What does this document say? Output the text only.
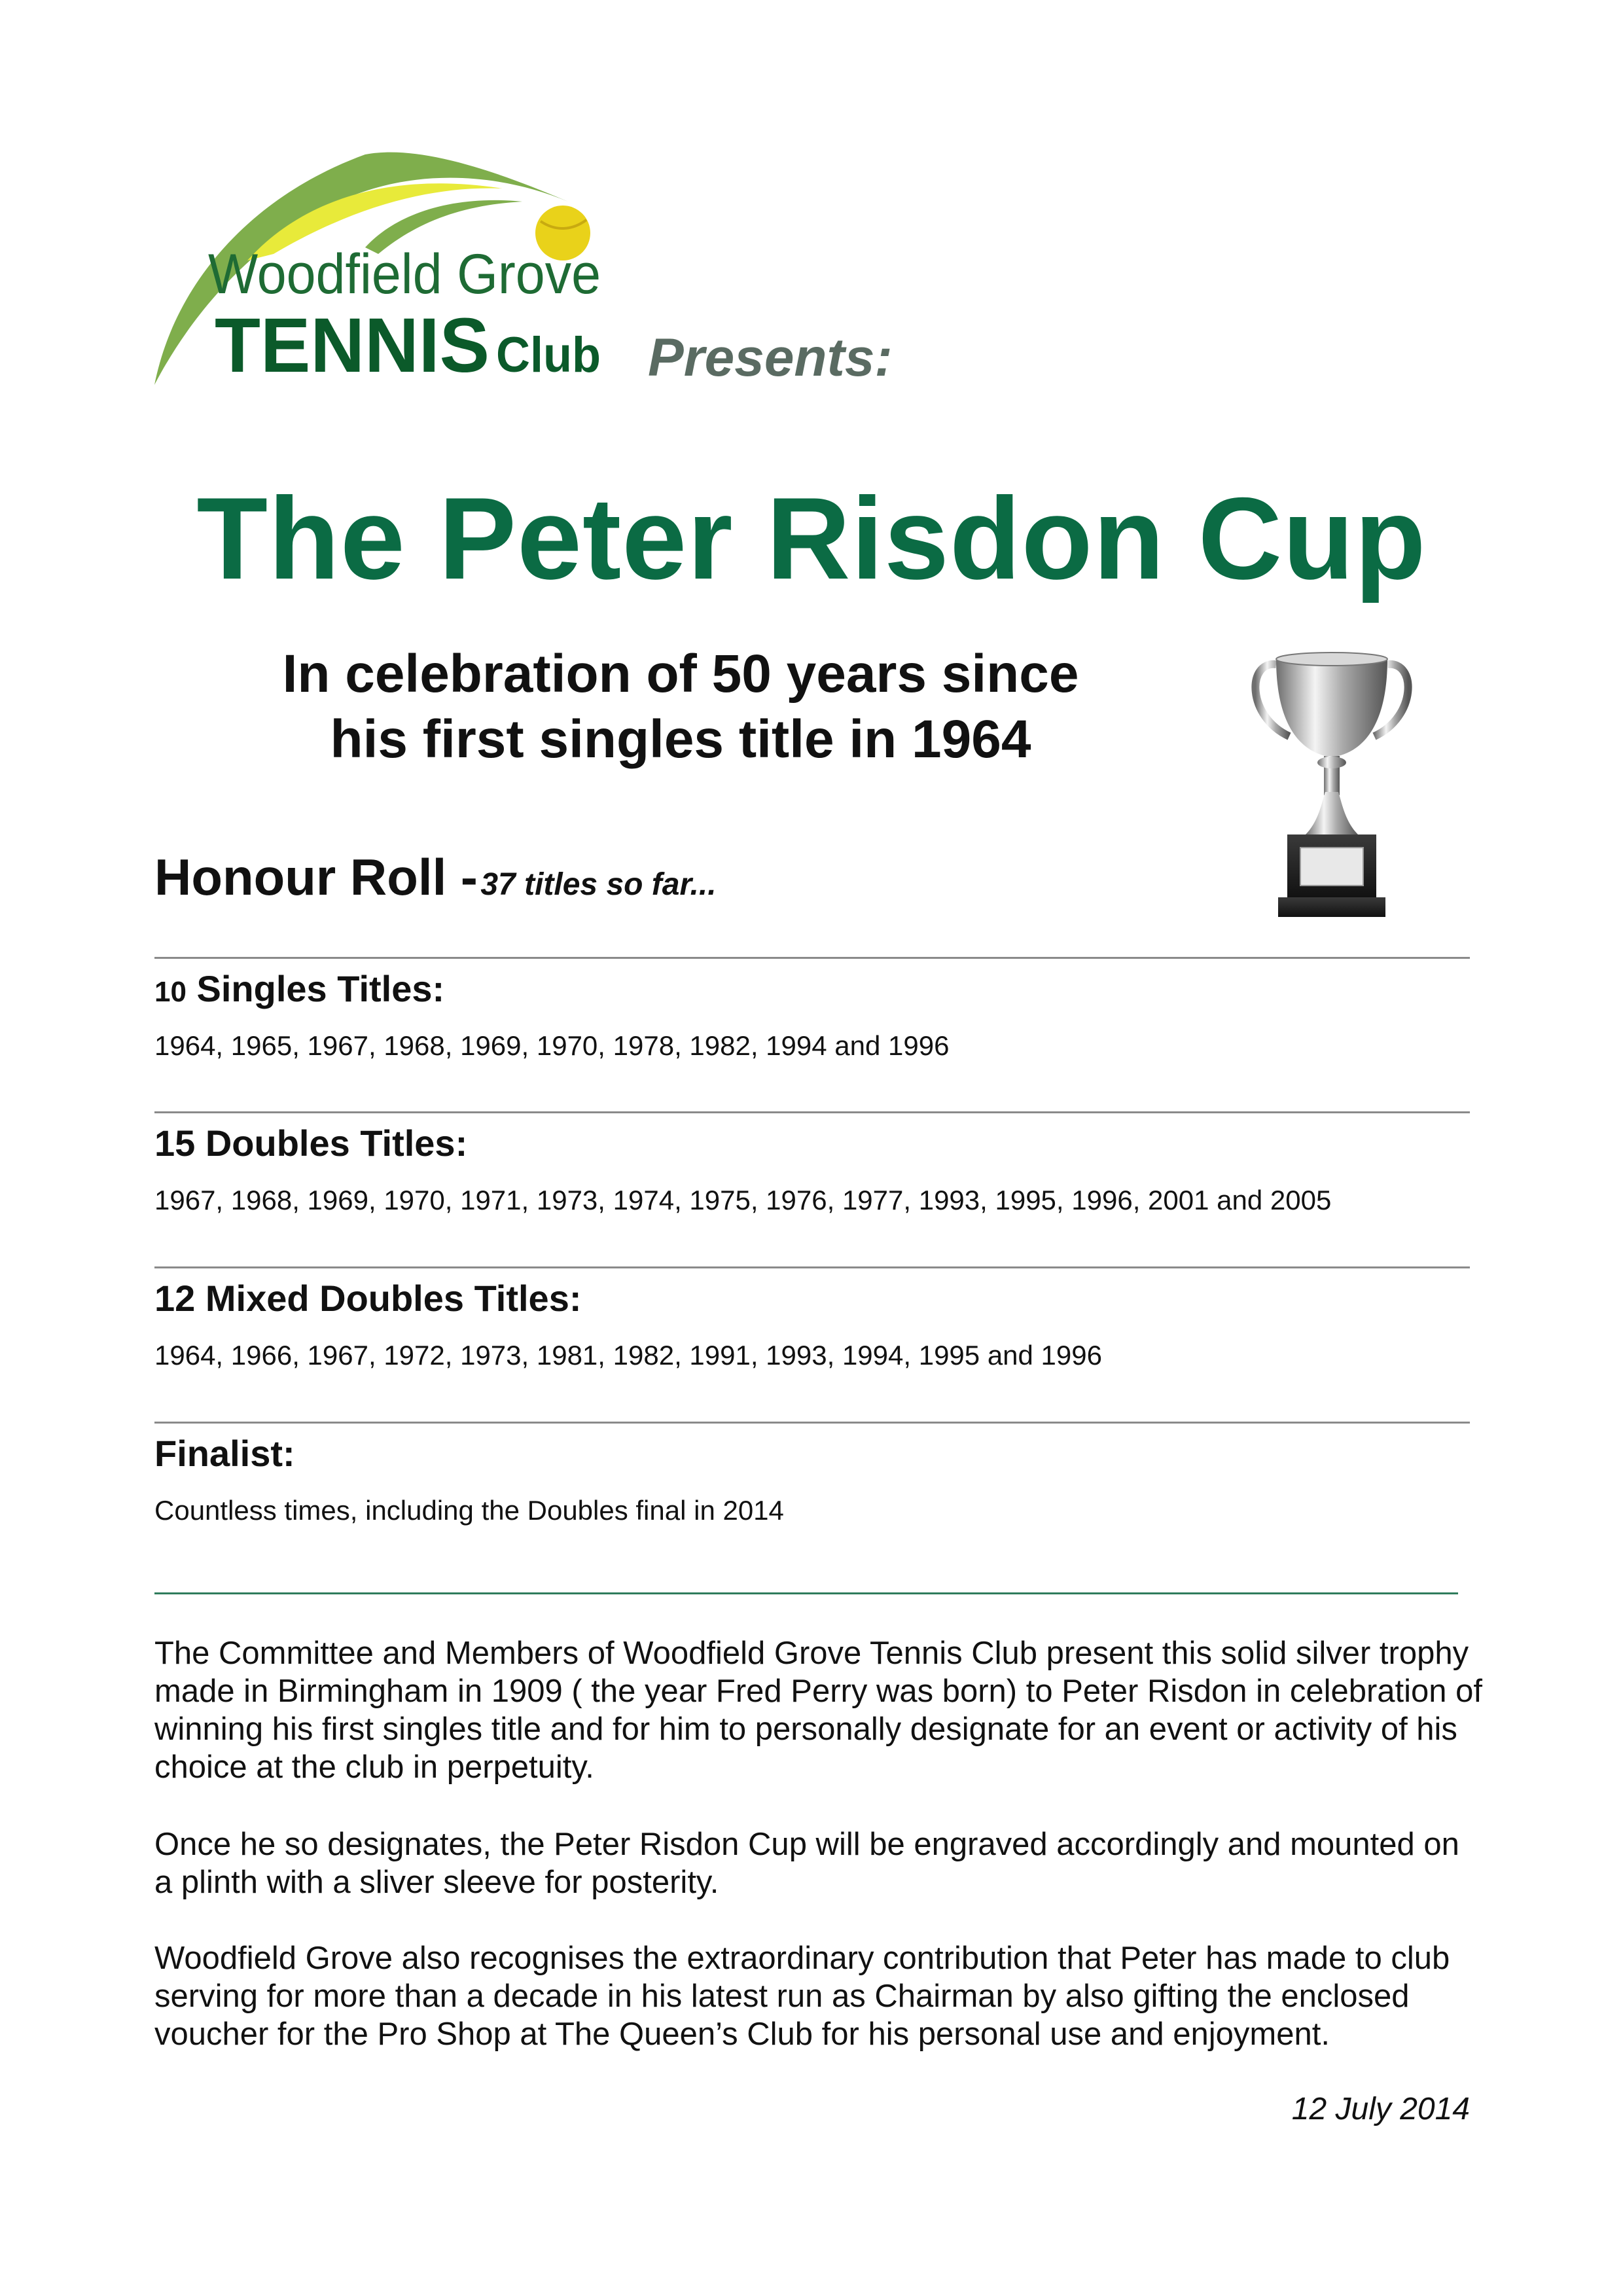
Woodfield Grove
TENNIS Club Presents:
The Peter Risdon Cup
In celebration of 50 years since
his first singles title in 1964
Honour Roll - 37 titles so far...
10 Singles Titles:
1964, 1965, 1967, 1968, 1969, 1970, 1978, 1982, 1994 and 1996
15 Doubles Titles:
1967, 1968, 1969, 1970, 1971, 1973, 1974, 1975, 1976, 1977, 1993, 1995, 1996, 2001 and 2005
12 Mixed Doubles Titles:
1964, 1966, 1967, 1972, 1973, 1981, 1982, 1991, 1993, 1994, 1995 and 1996
Finalist:
Countless times, including the Doubles final in 2014
The Committee and Members of Woodfield Grove Tennis Club present this solid silver trophy made in Birmingham in 1909 ( the year Fred Perry was born) to Peter Risdon in celebration of winning his first singles title and for him to personally designate for an event or activity of his choice at the club in perpetuity.
Once he so designates, the Peter Risdon Cup will be engraved accordingly and mounted on a plinth with a sliver sleeve for posterity.
Woodfield Grove also recognises the extraordinary contribution that Peter has made to club serving for more than a decade in his latest run as Chairman by also gifting the enclosed voucher for the Pro Shop at The Queen’s Club for his personal use and enjoyment.
12 July 2014
